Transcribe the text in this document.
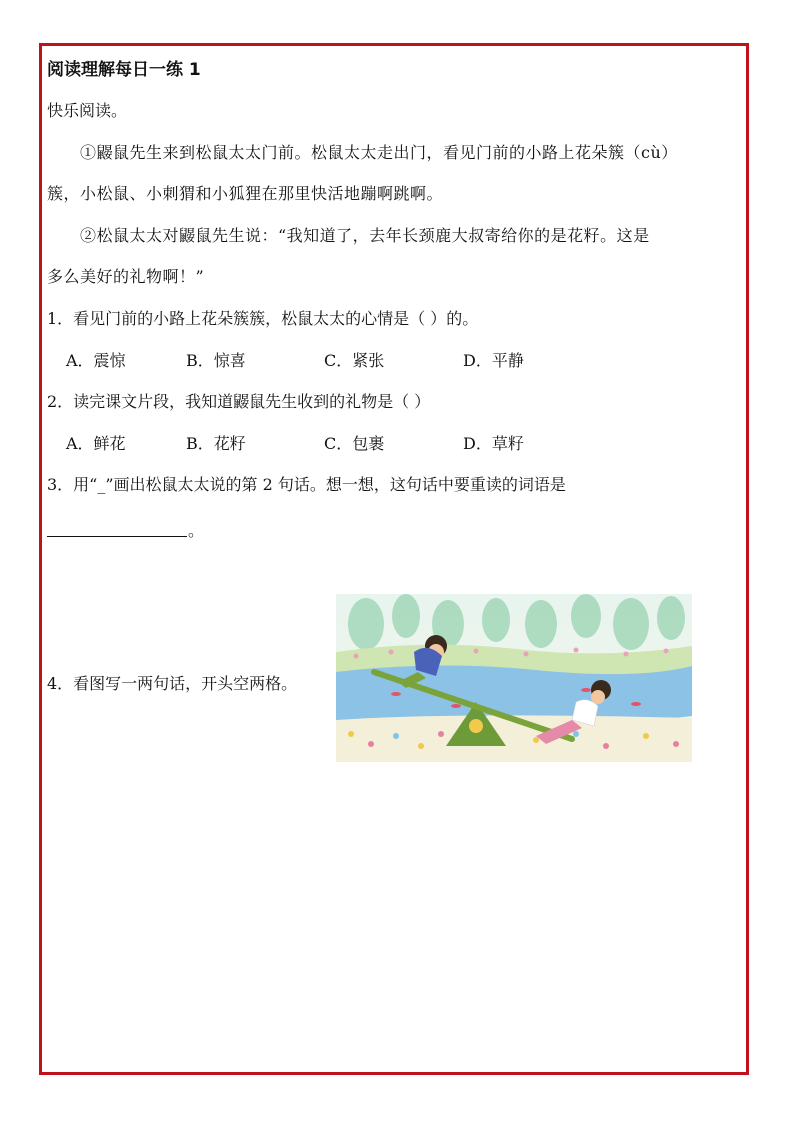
阅读理解每日一练 1
快乐阅读。
①鼹鼠先生来到松鼠太太门前。松鼠太太走出门，看见门前的小路上花朵簇（cù）
簇，小松鼠、小刺猬和小狐狸在那里快活地蹦啊跳啊。
②松鼠太太对鼹鼠先生说：“我知道了，去年长颈鹿大叔寄给你的是花籽。这是
多么美好的礼物啊！”
1．看见门前的小路上花朵簇簇，松鼠太太的心情是（ ）的。
A．震惊	B．惊喜	C．紧张	D．平静
2．读完课文片段，我知道鼹鼠先生收到的礼物是（ ）
A．鲜花	B．花籽	C．包裹	D．草籽
3．用“_”画出松鼠太太说的第 2 句话。想一想，这句话中要重读的词语是
。
4．看图写一两句话，开头空两格。
